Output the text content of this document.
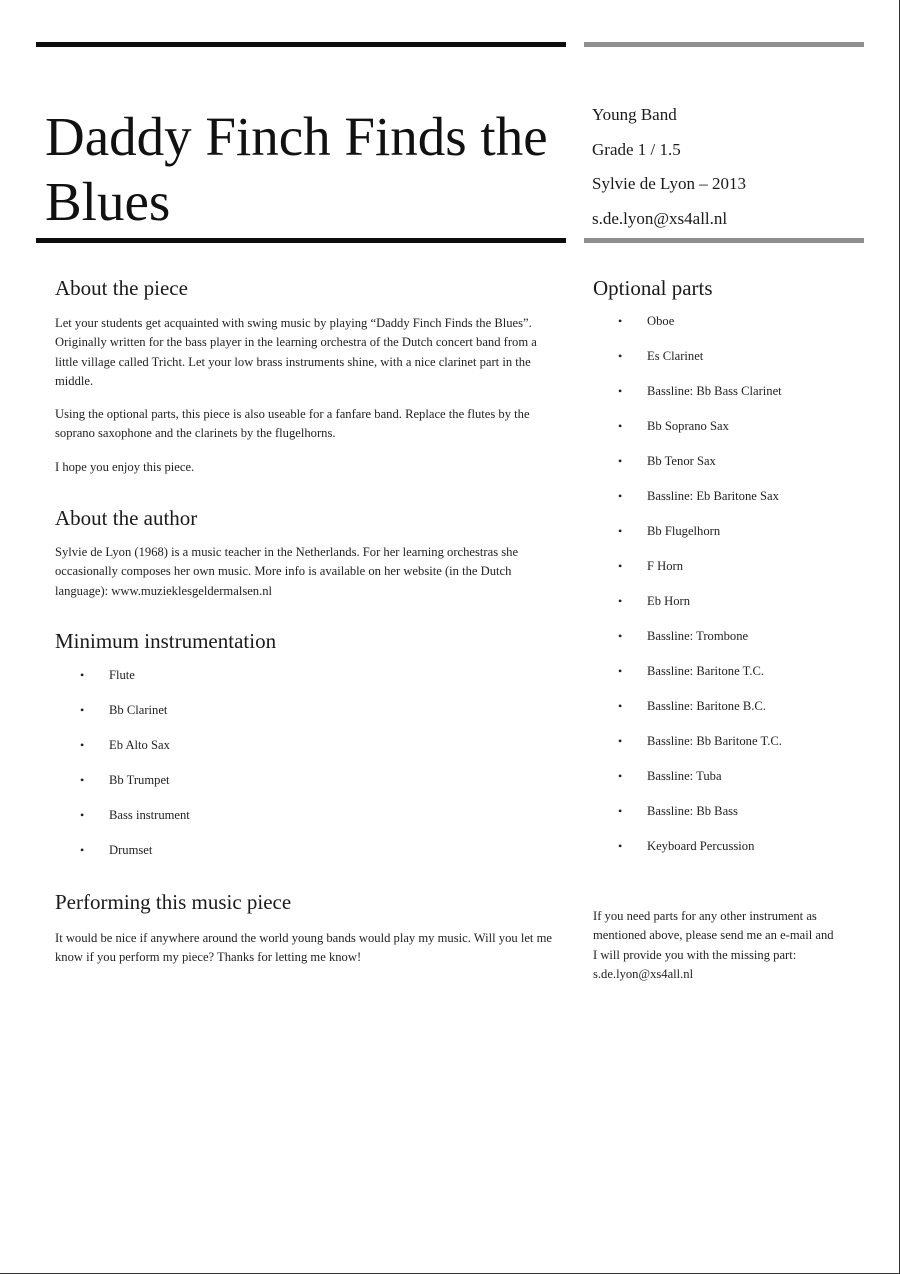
Daddy Finch Finds the Blues
Young Band
Grade 1 / 1.5
Sylvie de Lyon – 2013
s.de.lyon@xs4all.nl
About the piece

Let your students get acquainted with swing music by playing “Daddy Finch Finds the Blues”. Originally written for the bass player in the learning orchestra of the Dutch concert band from a little village called Tricht. Let your low brass instruments shine, with a nice clarinet part in the middle.

Using the optional parts, this piece is also useable for a fanfare band. Replace the flutes by the soprano saxophone and the clarinets by the flugelhorns.

I hope you enjoy this piece.

About the author

Sylvie de Lyon (1968) is a music teacher in the Netherlands. For her learning orchestras she occasionally composes her own music. More info is available on her website (in the Dutch language): www.muzieklesgeldermalsen.nl

Minimum instrumentation
• Flute
• Bb Clarinet
• Eb Alto Sax
• Bb Trumpet
• Bass instrument
• Drumset
Performing this music piece

It would be nice if anywhere around the world young bands would play my music. Will you let me know if you perform my piece? Thanks for letting me know!

Optional parts
• Oboe
• Es Clarinet
• Bassline: Bb Bass Clarinet
• Bb Soprano Sax
• Bb Tenor Sax
• Bassline: Eb Baritone Sax
• Bb Flugelhorn
• F Horn
• Eb Horn
• Bassline: Trombone
• Bassline: Baritone T.C.
• Bassline: Baritone B.C.
• Bassline: Bb Baritone T.C.
• Bassline: Tuba
• Bassline: Bb Bass
• Keyboard Percussion

If you need parts for any other instrument as mentioned above, please send me an e-mail and I will provide you with the missing part: s.de.lyon@xs4all.nl
